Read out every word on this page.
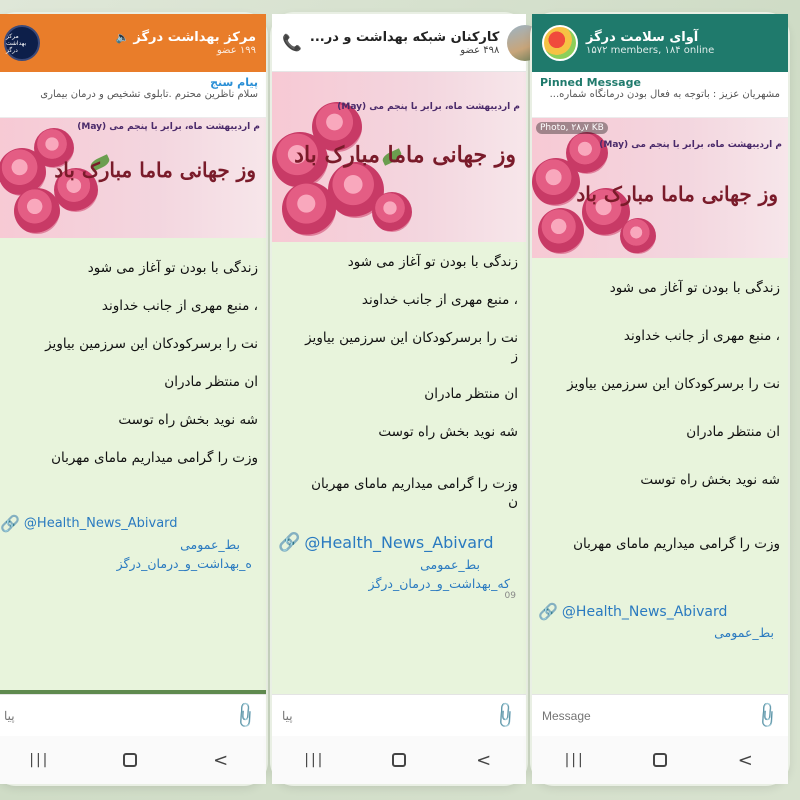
مرکز بهداشت درگز
🔈 مرکز بهداشت درگز
۱۹۹ عضو
پیام سنج
سلام ناظرین محترم .تابلوی تشخیص و درمان بیماری
م اردیبهشت ماه، برابر با پنجم می (May)
وز جهانی ماما مبارک باد
زندگی با بودن تو آغاز می شود
، منبع مهری از جانب خداوند
نت را برسرکودکان این سرزمین بیاویز
ان منتظر مادران
شه نوید بخش راه توست
وزت را گرامی میداریم مامای مهربان
🔗 @Health_News_Abivard
بط_عمومی
ه_بهداشت_و_درمان_درگز
پیا
📎
|||	<
📞 کارکنان شبکه بهداشت و در...
۴۹۸ عضو
م اردیبهشت ماه، برابر با پنجم می (May)
وز جهانی ماما مبارک باد
زندگی با بودن تو آغاز می شود
، منبع مهری از جانب خداوند
نت را برسرکودکان این سرزمین بیاویز
ز
ان منتظر مادران
شه نوید بخش راه توست
وزت را گرامی میداریم مامای مهربان
ن
🔗 @Health_News_Abivard
بط_عمومی
که_بهداشت_و_درمان_درگز
09
پیا
📎
|||	<
آوای سلامت درگز
۱۵۷۲ members, ۱۸۴ online
Pinned Message
مشهریان عزیز : باتوجه به فعال بودن درمانگاه شماره...
Photo, ۲۸٫۷ KB
م اردیبهشت ماه، برابر با پنجم می (May)
وز جهانی ماما مبارک باد
زندگی با بودن تو آغاز می شود
، منبع مهری از جانب خداوند
نت را برسرکودکان این سرزمین بیاویز
ان منتظر مادران
شه نوید بخش راه توست
وزت را گرامی میداریم مامای مهربان
🔗 @Health_News_Abivard
بط_عمومی
Message
📎
|||	<
